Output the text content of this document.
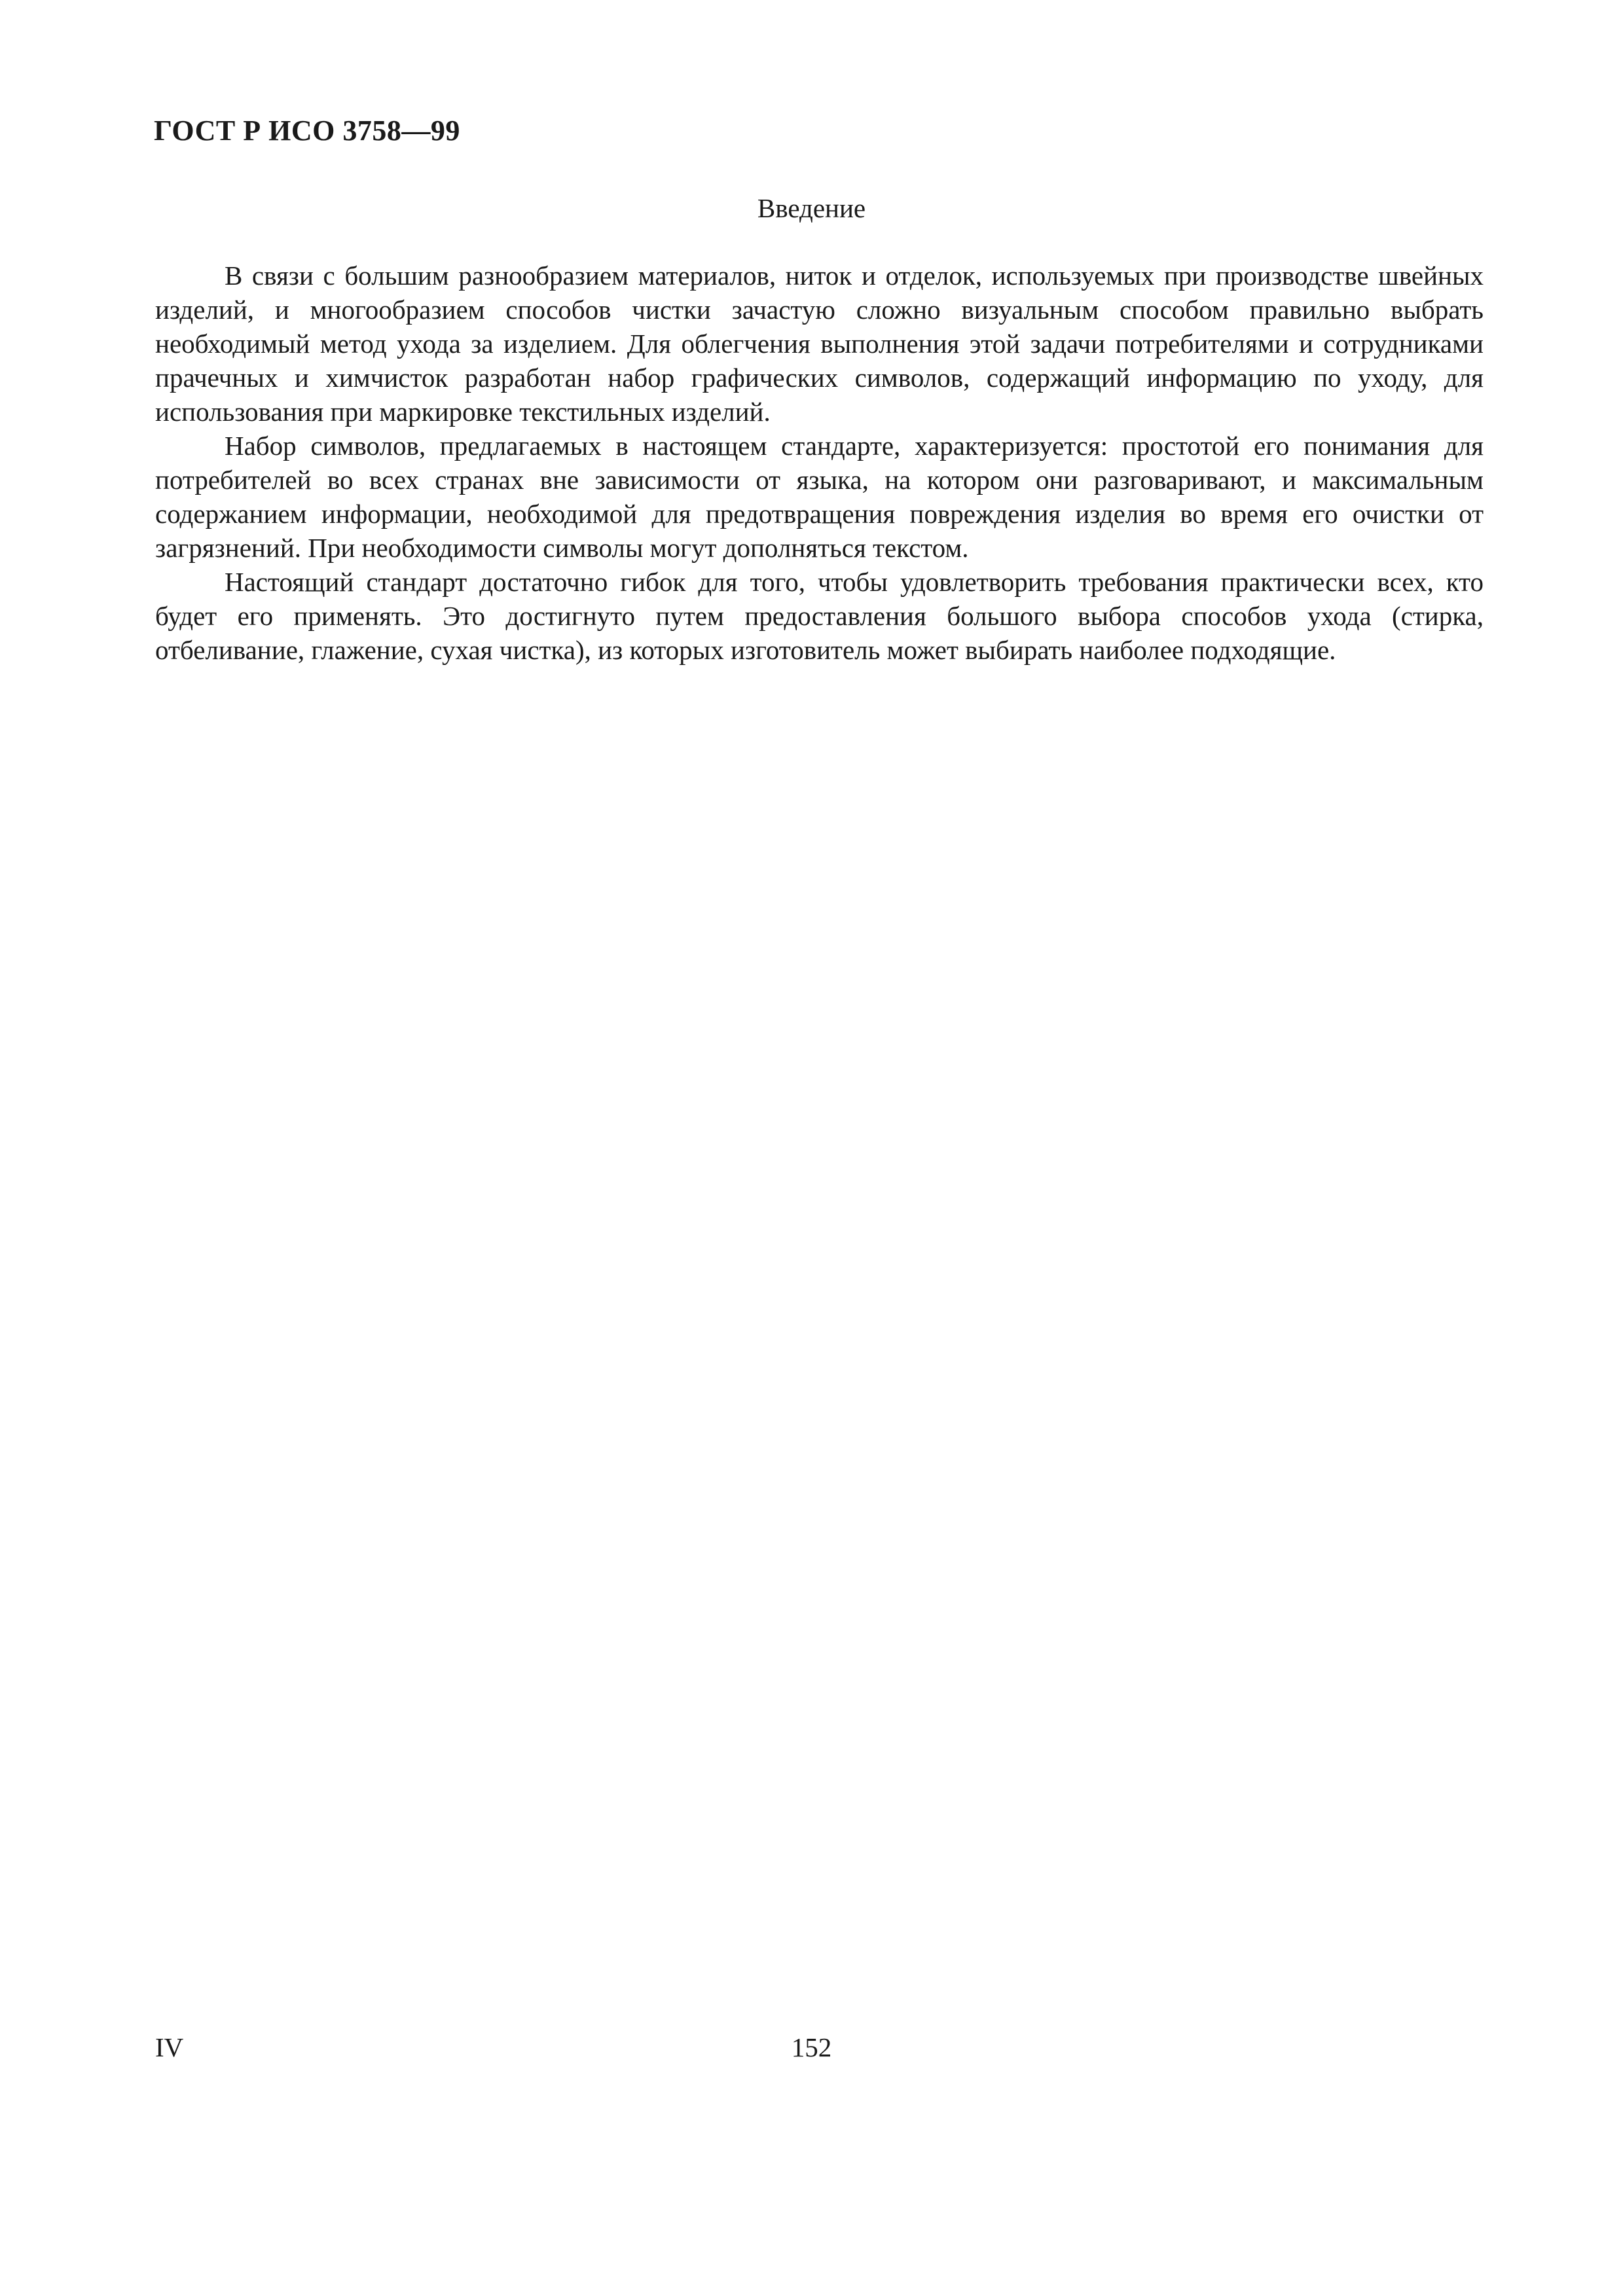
ГОСТ Р ИСО 3758—99
Введение

В связи с большим разнообразием материалов, ниток и отделок, используемых при производстве швейных изделий, и многообразием способов чистки зачастую сложно визуальным способом правильно выбрать необходимый метод ухода за изделием. Для облегчения выполнения этой задачи потребителями и сотрудниками прачечных и химчисток разработан набор графических символов, содержащий информацию по уходу, для использования при маркировке текстильных изделий.

Набор символов, предлагаемых в настоящем стандарте, характеризуется: простотой его понимания для потребителей во всех странах вне зависимости от языка, на котором они разговаривают, и максимальным содержанием информации, необходимой для предотвращения повреждения изделия во время его очистки от загрязнений. При необходимости символы могут дополняться текстом.

Настоящий стандарт достаточно гибок для того, чтобы удовлетворить требования практически всех, кто будет его применять. Это достигнуто путем предоставления большого выбора способов ухода (стирка, отбеливание, глажение, сухая чистка), из которых изготовитель может выбирать наиболее подходящие.

IV	152
